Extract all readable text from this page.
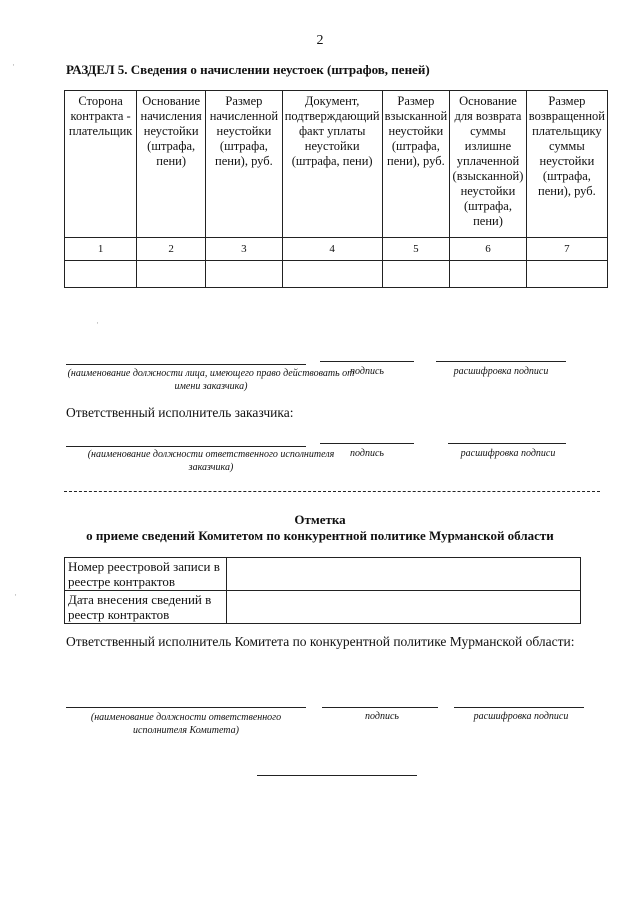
2
РАЗДЕЛ 5. Сведения о начислении неустоек (штрафов, пеней)
Сторона контракта - плательщик	Основание начисления неустойки (штрафа, пени)	Размер начисленной неустойки (штрафа, пени), руб.	Документ, подтверждающий факт уплаты неустойки (штрафа, пени)	Размер взысканной неустойки (штрафа, пени), руб.	Основание для возврата суммы излишне уплаченной (взысканной) неустойки (штрафа, пени)	Размер возвращенной плательщику суммы неустойки (штрафа, пени), руб.
1	2	3	4	5	6	7

·
(наименование должности лица, имеющего право действовать от имени заказчика)
подпись	расшифровка подписи
Ответственный исполнитель заказчика:
(наименование должности ответственного исполнителя заказчика)
подпись	расшифровка подписи
Отметка
о приеме сведений Комитетом по конкурентной политике Мурманской области
Номер реестровой записи в реестре контрактов	
Дата внесения сведений в реестр контрактов	
Ответственный исполнитель Комитета по конкурентной политике Мурманской области:
(наименование должности ответственного исполнителя Комитета)
подпись	расшифровка подписи
·
·
